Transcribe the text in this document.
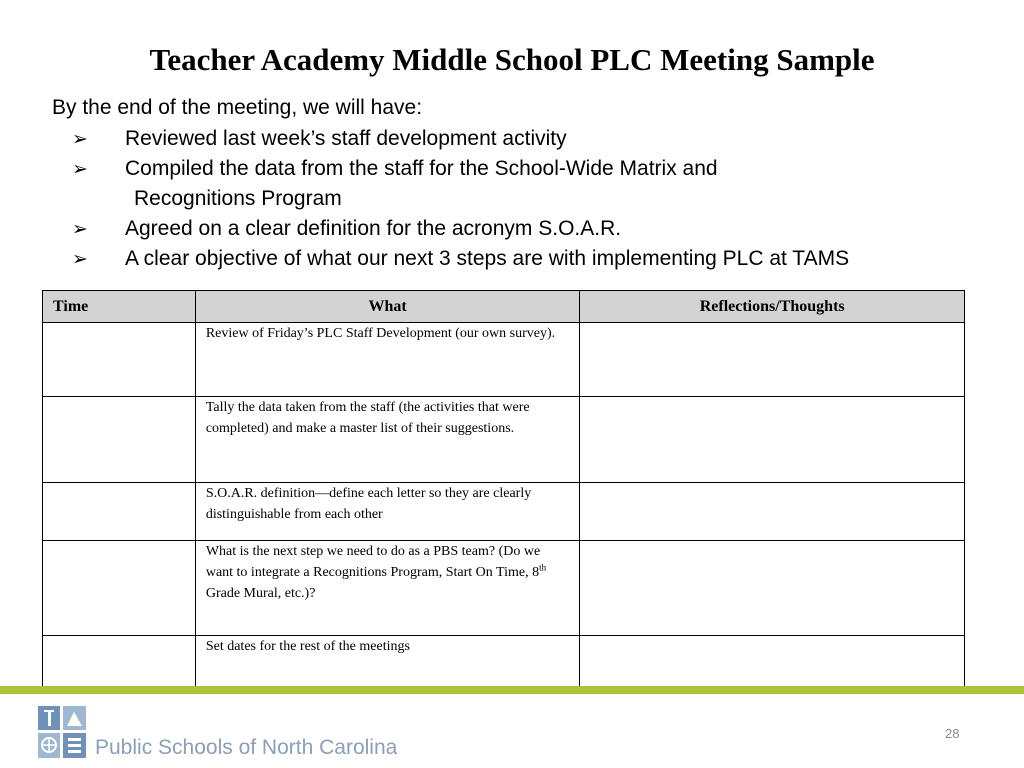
Teacher Academy Middle School PLC Meeting Sample
By the end of the meeting, we will have:
➢ Reviewed last week’s staff development activity
➢ Compiled the data from the staff for the School-Wide Matrix and
Recognitions Program
➢ Agreed on a clear definition for the acronym S.O.A.R.
➢ A clear objective of what our next 3 steps are with implementing PLC at TAMS
Time	What	Reflections/Thoughts
	Review of Friday’s PLC Staff Development (our own survey).	
	Tally the data taken from the staff (the activities that were completed) and make a master list of their suggestions.	
	S.O.A.R. definition—define each letter so they are clearly distinguishable from each other	
	What is the next step we need to do as a PBS team? (Do we want to integrate a Recognitions Program, Start On Time, 8th Grade Mural, etc.)?	
	Set dates for the rest of the meetings	
Public Schools of North Carolina
28
